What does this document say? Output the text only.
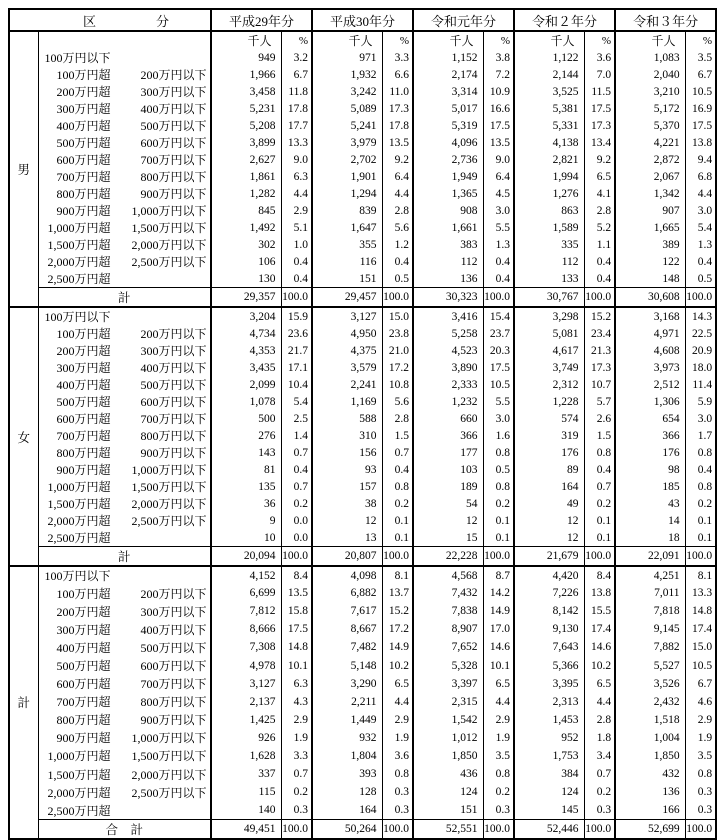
区 分		平成29年分		平成30年分		令和元年分		令和２年分		令和３年分	
男		千人	%	千人	%	千人	%	千人	%	千人	%
	100万円以下	949	3.2	971	3.3	1,152	3.8	1,122	3.6	1,083	3.5
	100万円超 200万円以下	1,966	6.7	1,932	6.6	2,174	7.2	2,144	7.0	2,040	6.7
	200万円超 300万円以下	3,458	11.8	3,242	11.0	3,314	10.9	3,525	11.5	3,210	10.5
	300万円超 400万円以下	5,231	17.8	5,089	17.3	5,017	16.6	5,381	17.5	5,172	16.9
	400万円超 500万円以下	5,208	17.7	5,241	17.8	5,319	17.5	5,331	17.3	5,370	17.5
	500万円超 600万円以下	3,899	13.3	3,979	13.5	4,096	13.5	4,138	13.4	4,221	13.8
	600万円超 700万円以下	2,627	9.0	2,702	9.2	2,736	9.0	2,821	9.2	2,872	9.4
	700万円超 800万円以下	1,861	6.3	1,901	6.4	1,949	6.4	1,994	6.5	2,067	6.8
	800万円超 900万円以下	1,282	4.4	1,294	4.4	1,365	4.5	1,276	4.1	1,342	4.4
	900万円超 1,000万円以下	845	2.9	839	2.8	908	3.0	863	2.8	907	3.0
	1,000万円超 1,500万円以下	1,492	5.1	1,647	5.6	1,661	5.5	1,589	5.2	1,665	5.4
	1,500万円超 2,000万円以下	302	1.0	355	1.2	383	1.3	335	1.1	389	1.3
	2,000万円超 2,500万円以下	106	0.4	116	0.4	112	0.4	112	0.4	122	0.4
	2,500万円超	130	0.4	151	0.5	136	0.4	133	0.4	148	0.5
	計	29,357	100.0	29,457	100.0	30,323	100.0	30,767	100.0	30,608	100.0
女	100万円以下	3,204	15.9	3,127	15.0	3,416	15.4	3,298	15.2	3,168	14.3
	100万円超 200万円以下	4,734	23.6	4,950	23.8	5,258	23.7	5,081	23.4	4,971	22.5
	200万円超 300万円以下	4,353	21.7	4,375	21.0	4,523	20.3	4,617	21.3	4,608	20.9
	300万円超 400万円以下	3,435	17.1	3,579	17.2	3,890	17.5	3,749	17.3	3,973	18.0
	400万円超 500万円以下	2,099	10.4	2,241	10.8	2,333	10.5	2,312	10.7	2,512	11.4
	500万円超 600万円以下	1,078	5.4	1,169	5.6	1,232	5.5	1,228	5.7	1,306	5.9
	600万円超 700万円以下	500	2.5	588	2.8	660	3.0	574	2.6	654	3.0
	700万円超 800万円以下	276	1.4	310	1.5	366	1.6	319	1.5	366	1.7
	800万円超 900万円以下	143	0.7	156	0.7	177	0.8	176	0.8	176	0.8
	900万円超 1,000万円以下	81	0.4	93	0.4	103	0.5	89	0.4	98	0.4
	1,000万円超 1,500万円以下	135	0.7	157	0.8	189	0.8	164	0.7	185	0.8
	1,500万円超 2,000万円以下	36	0.2	38	0.2	54	0.2	49	0.2	43	0.2
	2,000万円超 2,500万円以下	9	0.0	12	0.1	12	0.1	12	0.1	14	0.1
	2,500万円超	10	0.0	13	0.1	15	0.1	12	0.1	18	0.1
	計	20,094	100.0	20,807	100.0	22,228	100.0	21,679	100.0	22,091	100.0
計	100万円以下	4,152	8.4	4,098	8.1	4,568	8.7	4,420	8.4	4,251	8.1
	100万円超 200万円以下	6,699	13.5	6,882	13.7	7,432	14.2	7,226	13.8	7,011	13.3
	200万円超 300万円以下	7,812	15.8	7,617	15.2	7,838	14.9	8,142	15.5	7,818	14.8
	300万円超 400万円以下	8,666	17.5	8,667	17.2	8,907	17.0	9,130	17.4	9,145	17.4
	400万円超 500万円以下	7,308	14.8	7,482	14.9	7,652	14.6	7,643	14.6	7,882	15.0
	500万円超 600万円以下	4,978	10.1	5,148	10.2	5,328	10.1	5,366	10.2	5,527	10.5
	600万円超 700万円以下	3,127	6.3	3,290	6.5	3,397	6.5	3,395	6.5	3,526	6.7
	700万円超 800万円以下	2,137	4.3	2,211	4.4	2,315	4.4	2,313	4.4	2,432	4.6
	800万円超 900万円以下	1,425	2.9	1,449	2.9	1,542	2.9	1,453	2.8	1,518	2.9
	900万円超 1,000万円以下	926	1.9	932	1.9	1,012	1.9	952	1.8	1,004	1.9
	1,000万円超 1,500万円以下	1,628	3.3	1,804	3.6	1,850	3.5	1,753	3.4	1,850	3.5
	1,500万円超 2,000万円以下	337	0.7	393	0.8	436	0.8	384	0.7	432	0.8
	2,000万円超 2,500万円以下	115	0.2	128	0.3	124	0.2	124	0.2	136	0.3
	2,500万円超	140	0.3	164	0.3	151	0.3	145	0.3	166	0.3
	合　計	49,451	100.0	50,264	100.0	52,551	100.0	52,446	100.0	52,699	100.0
